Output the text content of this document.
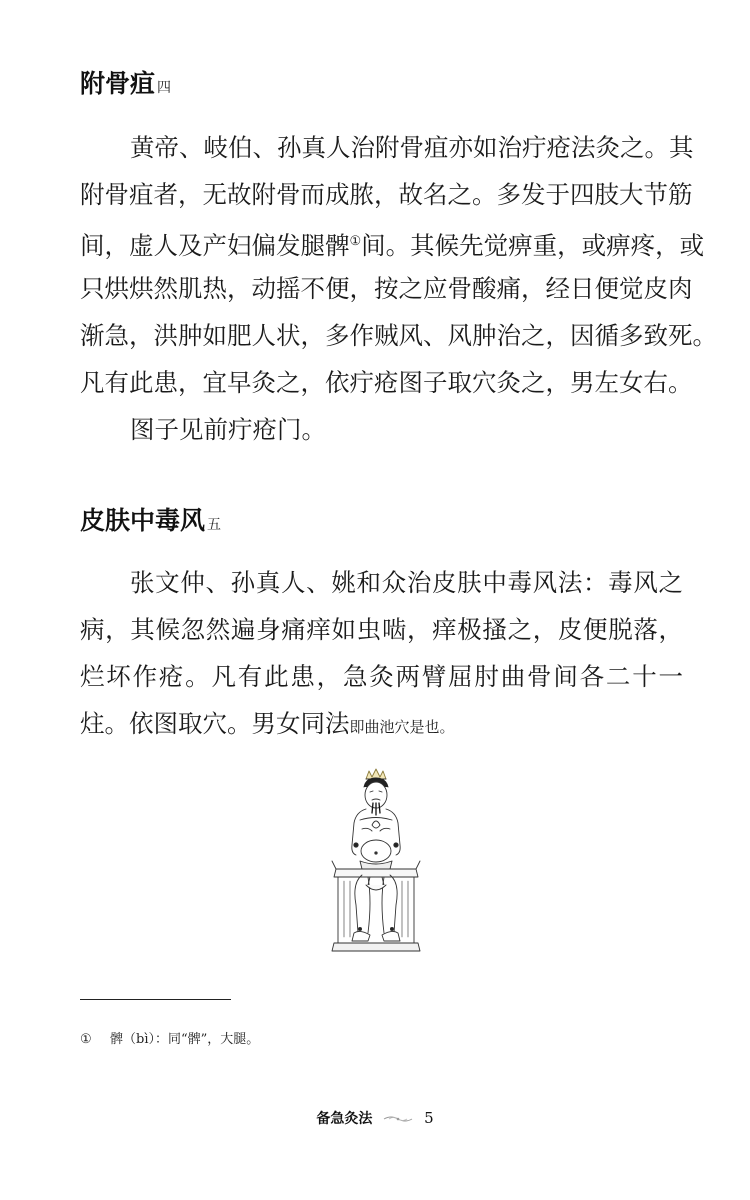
附骨疽 四
黄帝、岐伯、孙真人治附骨疽亦如治疔疮法灸之。其
附骨疽者，无故附骨而成脓，故名之。多发于四肢大节筋
间，虚人及产妇偏发腿髀①间。其候先觉痹重，或痹疼，或
只烘烘然肌热，动摇不便，按之应骨酸痛，经日便觉皮肉
渐急，洪肿如肥人状，多作贼风、风肿治之，因循多致死。
凡有此患，宜早灸之，依疔疮图子取穴灸之，男左女右。
图子见前疔疮门。
皮肤中毒风 五
张文仲、孙真人、姚和众治皮肤中毒风法：毒风之
病，其候忽然遍身痛痒如虫啮，痒极搔之，皮便脱落，
烂坏作疮。凡有此患，急灸两臂屈肘曲骨间各二十一
炷。依图取穴。男女同法即曲池穴是也。
① 髀（bì）：同“髀”，大腿。
备急灸法	5
